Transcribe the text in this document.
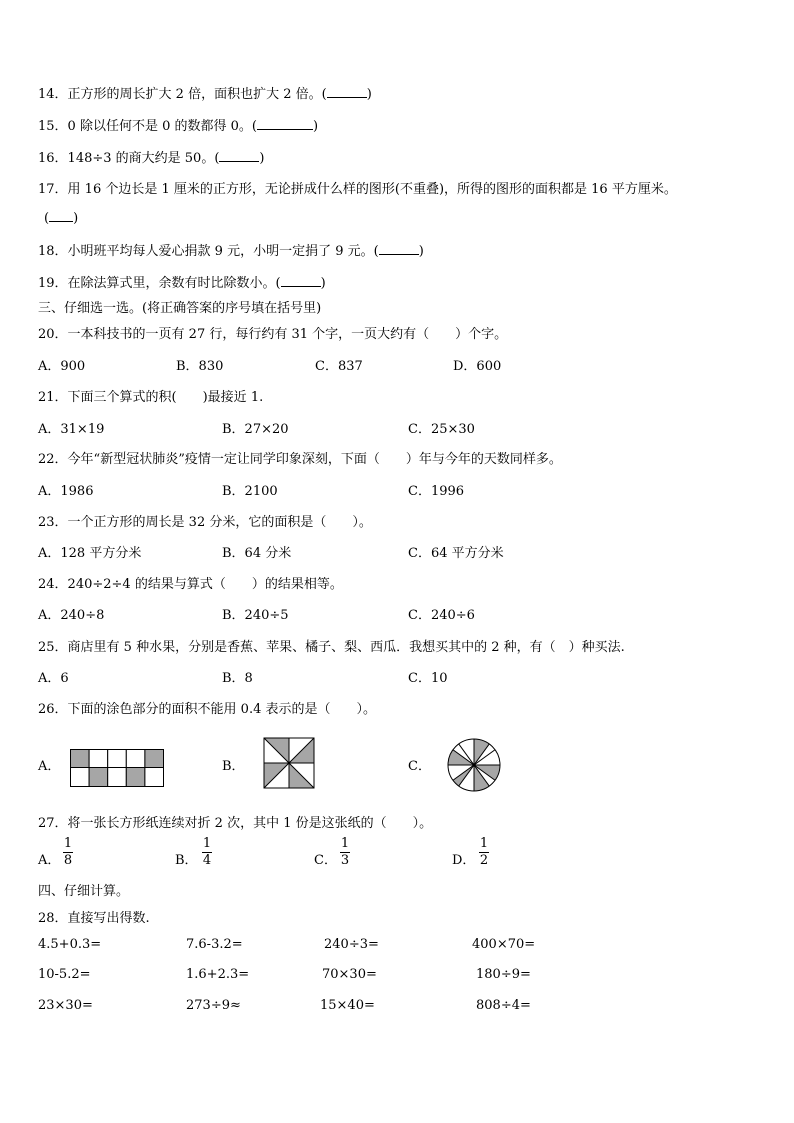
14．正方形的周长扩大 2 倍，面积也扩大 2 倍。(	)
15．0 除以任何不是 0 的数都得 0。(	)
16．148÷3 的商大约是 50。(	)
17．用 16 个边长是 1 厘米的正方形，无论拼成什么样的图形(不重叠)，所得的图形的面积都是 16 平方厘米。
( )
18．小明班平均每人爱心捐款 9 元，小明一定捐了 9 元。(	)
19．在除法算式里，余数有时比除数小。(	)
三、仔细选一选。(将正确答案的序号填在括号里)
20．一本科技书的一页有 27 行，每行约有 31 个字，一页大约有（　　）个字。
A．900	B．830	C．837	D．600
21．下面三个算式的积(　　)最接近 1.
A．31×19	B．27×20	C．25×30
22．今年“新型冠状肺炎”疫情一定让同学印象深刻，下面（　　）年与今年的天数同样多。
A．1986	B．2100	C．1996
23．一个正方形的周长是 32 分米，它的面积是（　　）。
A．128 平方分米	B．64 分米	C．64 平方分米
24．240÷2÷4 的结果与算式（　　）的结果相等。
A．240÷8	B．240÷5	C．240÷6
25．商店里有 5 种水果，分别是香蕉、苹果、橘子、梨、西瓜．我想买其中的 2 种，有（　）种买法.
A．6	B．8	C．10
26．下面的涂色部分的面积不能用 0.4 表示的是（　　）。
A．	B．	C．
27．将一张长方形纸连续对折 2 次，其中 1 份是这张纸的（　　）。
A．
1
8	B．
1
4	C．
1
3	D．
1
2
四、仔细计算。
28．直接写出得数.
4.5+0.3=	7.6-3.2=	240÷3=	400×70=
10-5.2=	1.6+2.3=	70×30=	180÷9=
23×30=	273÷9≈	15×40=	808÷4=
